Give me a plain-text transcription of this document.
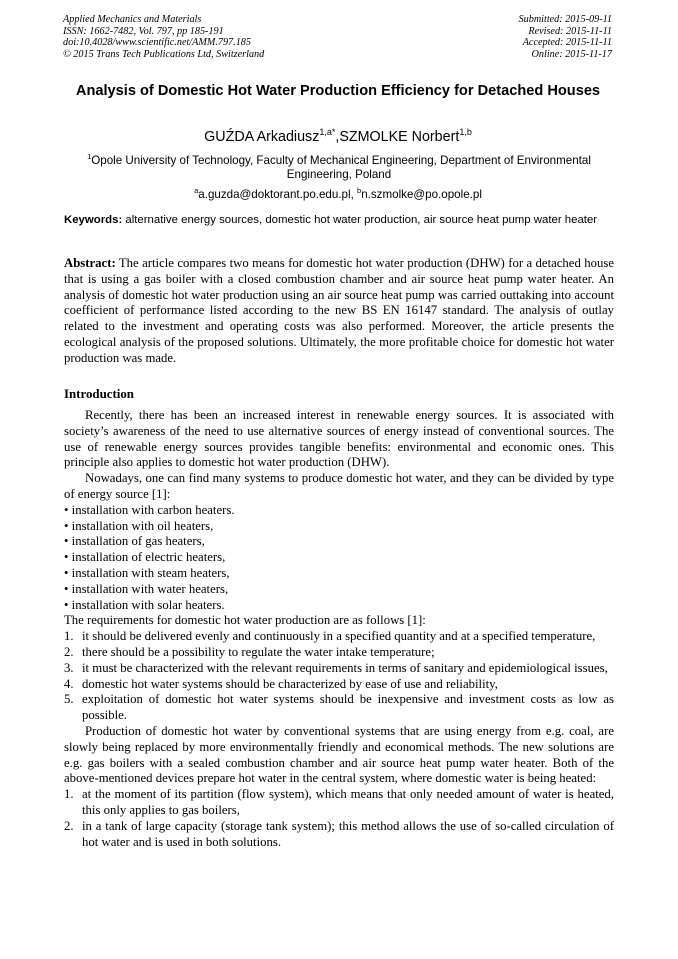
Applied Mechanics and Materials
ISSN: 1662-7482, Vol. 797, pp 185-191
doi:10.4028/www.scientific.net/AMM.797.185
© 2015 Trans Tech Publications Ltd, Switzerland
Submitted: 2015-09-11
Revised: 2015-11-11
Accepted: 2015-11-11
Online: 2015-11-17
Analysis of Domestic Hot Water Production Efficiency for Detached Houses
GUŹDA Arkadiusz$^{1,a*}$,SZMOLKE Norbert$^{1,b}$
$^1$Opole University of Technology, Faculty of Mechanical Engineering, Department of Environmental Engineering, Poland
$^a$a.guzda@doktorant.po.edu.pl, $^b$n.szmolke@po.opole.pl
Keywords: alternative energy sources, domestic hot water production, air source heat pump water heater

Abstract: The article compares two means for domestic hot water production (DHW) for a detached house that is using a gas boiler with a closed combustion chamber and air source heat pump water heater. An analysis of domestic hot water production using an air source heat pump was carried outtaking into account coefficient of performance listed according to the new BS EN 16147 standard. The analysis of outlay related to the investment and operating costs was also performed. Moreover, the article presents the ecological analysis of the proposed solutions. Ultimately, the more profitable choice for domestic hot water production was made.

Introduction

Recently, there has been an increased interest in renewable energy sources. It is associated with society’s awareness of the need to use alternative sources of energy instead of conventional sources. The use of renewable energy sources provides tangible benefits: environmental and economic ones. This principle also applies to domestic hot water production (DHW).

Nowadays, one can find many systems to produce domestic hot water, and they can be divided by type of energy source [1]:

• installation with carbon heaters.
• installation with oil heaters,
• installation of gas heaters,
• installation of electric heaters,
• installation with steam heaters,
• installation with water heaters,
• installation with solar heaters.

The requirements for domestic hot water production are as follows [1]:

1. it should be delivered evenly and continuously in a specified quantity and at a specified temperature,
2. there should be a possibility to regulate the water intake temperature;
3. it must be characterized with the relevant requirements in terms of sanitary and epidemiological issues,
4. domestic hot water systems should be characterized by ease of use and reliability,
5. exploitation of domestic hot water systems should be inexpensive and investment costs as low as possible.

Production of domestic hot water by conventional systems that are using energy from e.g. coal, are slowly being replaced by more environmentally friendly and economical methods. The new solutions are e.g. gas boilers with a sealed combustion chamber and air source heat pump water heater. Both of the above-mentioned devices prepare hot water in the central system, where domestic water is being heated:

1. at the moment of its partition (flow system), which means that only needed amount of water is heated, this only applies to gas boilers,
2. in a tank of large capacity (storage tank system); this method allows the use of so-called circulation of hot water and is used in both solutions.
